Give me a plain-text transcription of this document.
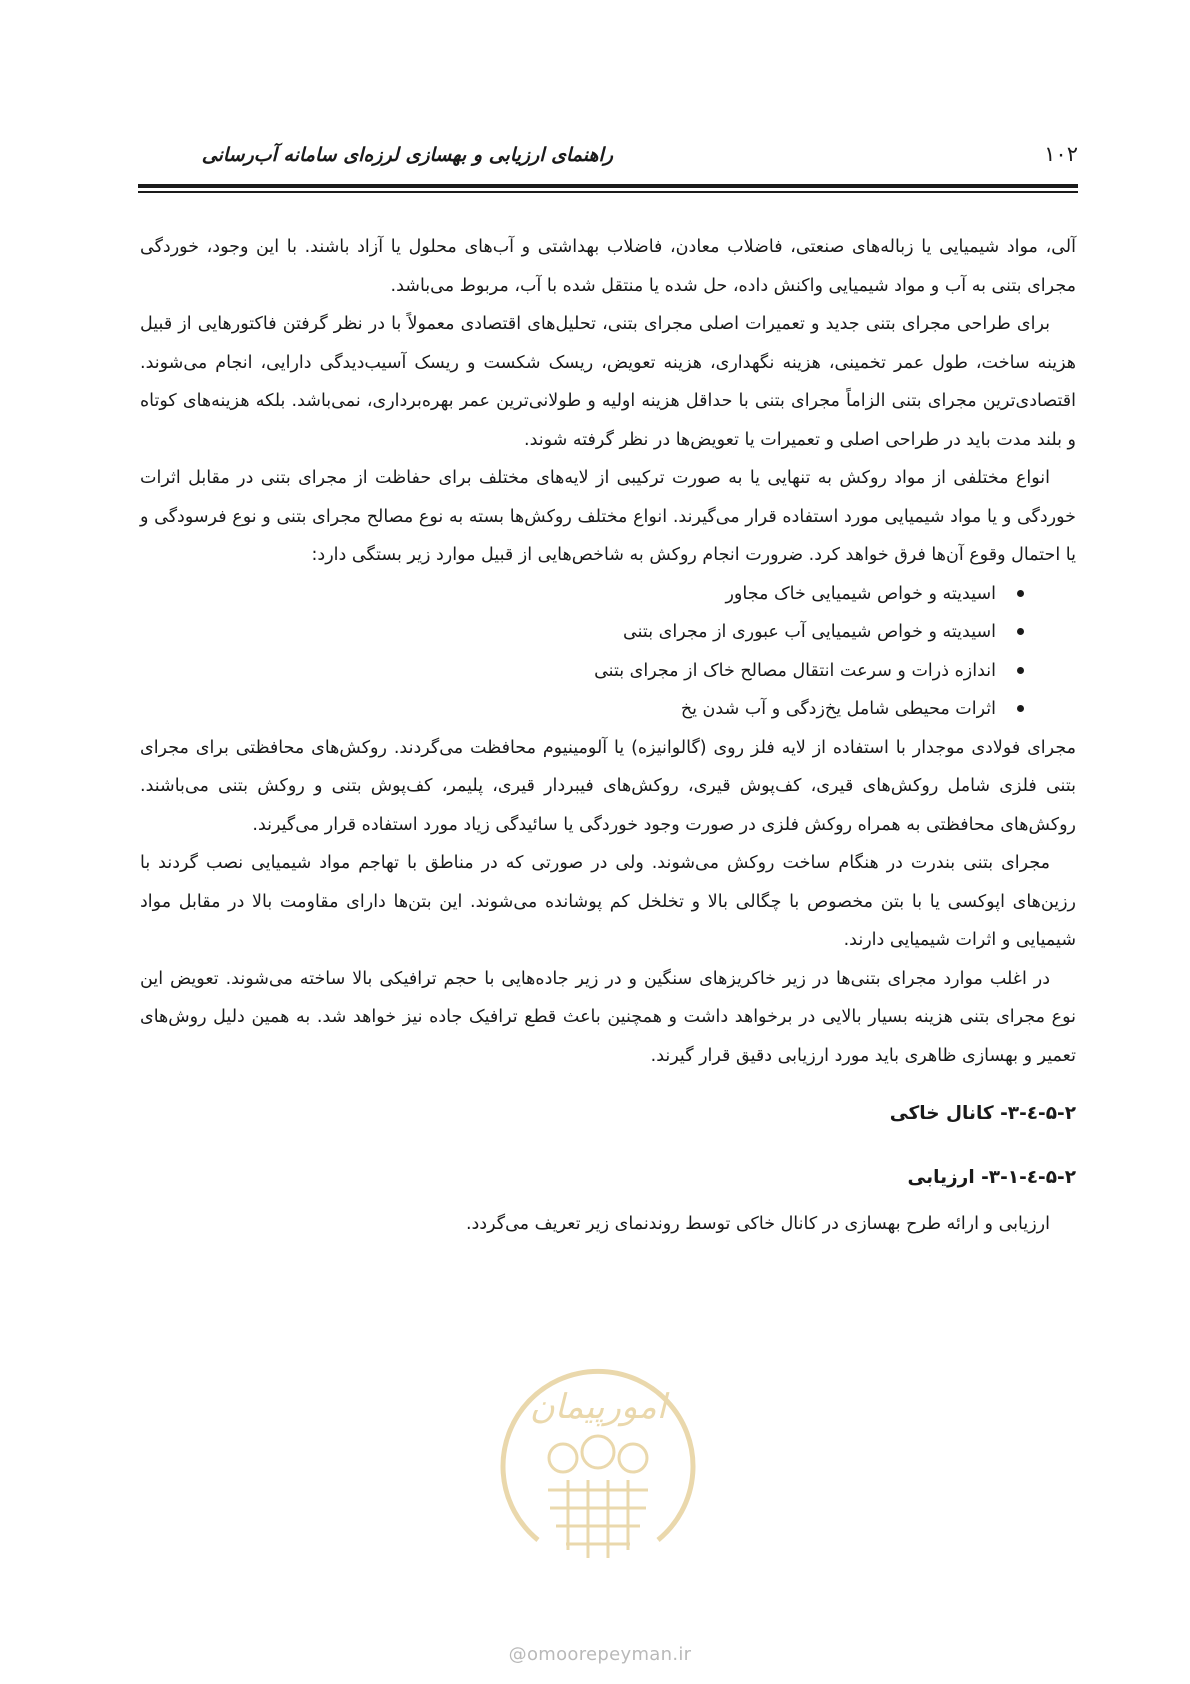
راهنمای ارزیابی و بهسازی لرزه‌ای سامانه آب‌رسانی	۱۰۲

آلی، مواد شیمیایی یا زباله‌های صنعتی، فاضلاب معادن، فاضلاب بهداشتی و آب‌های محلول یا آزاد باشند. با این وجود، خوردگی مجرای بتنی به آب و مواد شیمیایی واکنش داده، حل شده یا منتقل شده با آب، مربوط می‌باشد.

برای طراحی مجرای بتنی جدید و تعمیرات اصلی مجرای بتنی، تحلیل‌های اقتصادی معمولاً با در نظر گرفتن فاکتورهایی از قبیل هزینه ساخت، طول عمر تخمینی، هزینه نگهداری، هزینه تعویض، ریسک شکست و ریسک آسیب‌دیدگی دارایی، انجام می‌شوند. اقتصادی‌ترین مجرای بتنی الزاماً مجرای بتنی با حداقل هزینه اولیه و طولانی‌ترین عمر بهره‌برداری، نمی‌باشد. بلکه هزینه‌های کوتاه و بلند مدت باید در طراحی اصلی و تعمیرات یا تعویض‌ها در نظر گرفته شوند.

انواع مختلفی از مواد روکش به تنهایی یا به صورت ترکیبی از لایه‌های مختلف برای حفاظت از مجرای بتنی در مقابل اثرات خوردگی و یا مواد شیمیایی مورد استفاده قرار می‌گیرند. انواع مختلف روکش‌ها بسته به نوع مصالح مجرای بتنی و نوع فرسودگی و یا احتمال وقوع آن‌ها فرق خواهد کرد. ضرورت انجام روکش به شاخص‌هایی از قبیل موارد زیر بستگی دارد:

اسیدیته و خواص شیمیایی خاک مجاور
اسیدیته و خواص شیمیایی آب عبوری از مجرای بتنی
اندازه ذرات و سرعت انتقال مصالح خاک از مجرای بتنی
اثرات محیطی شامل یخ‌زدگی و آب شدن یخ

مجرای فولادی موجدار با استفاده از لایه فلز روی (گالوانیزه) یا آلومینیوم محافظت می‌گردند. روکش‌های محافظتی برای مجرای بتنی فلزی شامل روکش‌های قیری، کف‌پوش قیری، روکش‌های فیبردار قیری، پلیمر، کف‌پوش بتنی و روکش بتنی می‌باشند. روکش‌های محافظتی به همراه روکش فلزی در صورت وجود خوردگی یا سائیدگی زیاد مورد استفاده قرار می‌گیرند.

مجرای بتنی بندرت در هنگام ساخت روکش می‌شوند. ولی در صورتی که در مناطق با تهاجم مواد شیمیایی نصب گردند با رزین‌های اپوکسی یا با بتن مخصوص با چگالی بالا و تخلخل کم پوشانده می‌شوند. این بتن‌ها دارای مقاومت بالا در مقابل مواد شیمیایی و اثرات شیمیایی دارند.

در اغلب موارد مجرای بتنی‌ها در زیر خاکریزهای سنگین و در زیر جاده‌هایی با حجم ترافیکی بالا ساخته می‌شوند. تعویض این نوع مجرای بتنی هزینه بسیار بالایی در برخواهد داشت و همچنین باعث قطع ترافیک جاده نیز خواهد شد. به همین دلیل روش‌های تعمیر و بهسازی ظاهری باید مورد ارزیابی دقیق قرار گیرند.

۵-۲-٤-۳- کانال خاکی

۵-۲-٤-۳-۱- ارزیابی

ارزیابی و ارائه طرح بهسازی در کانال خاکی توسط روندنمای زیر تعریف می‌گردد.

امورپیمان
@omoorepeyman.ir
